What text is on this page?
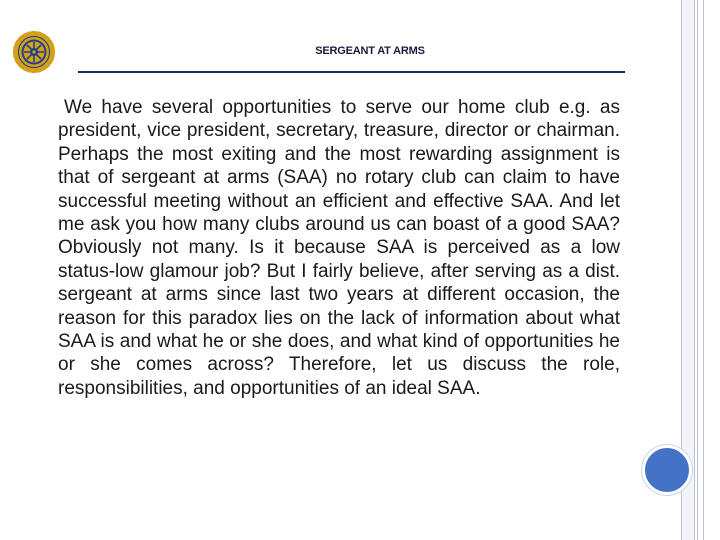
SERGEANT AT ARMS

We have several opportunities to serve our home club e.g. as president, vice president, secretary, treasure, director or chairman. Perhaps the most exiting and the most rewarding assignment is that of sergeant at arms (SAA) no rotary club can claim to have successful meeting without an efficient and effective SAA. And let me ask you how many clubs around us can boast of a good SAA? Obviously not many. Is it because SAA is perceived as a low status-low glamour job? But I fairly believe, after serving as a dist. sergeant at arms since last two years at different occasion, the reason for this paradox lies on the lack of information about what SAA is and what he or she does, and what kind of opportunities he or she comes across? Therefore, let us discuss the role, responsibilities, and opportunities of an ideal SAA.
